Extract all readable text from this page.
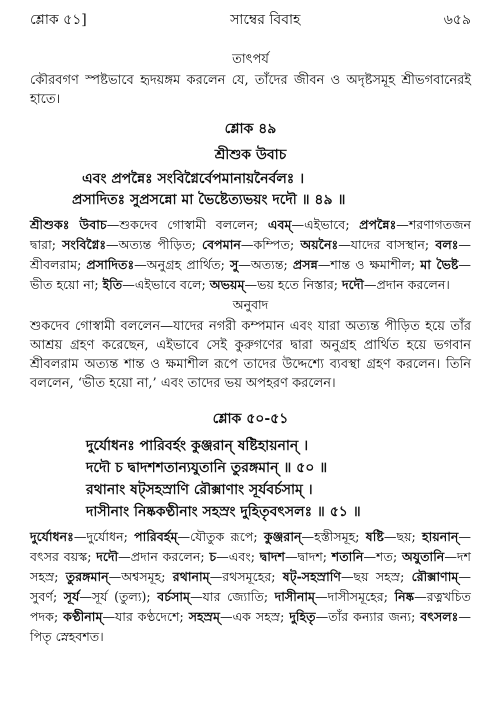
শ্লোক ৫১]	সাম্বের বিবাহ	৬৫৯
তাৎপর্য

কৌরবগণ স্পষ্টভাবে হৃদয়ঙ্গম করলেন যে, তাঁদের জীবন ও অদৃষ্টসমূহ শ্রীভগবানেরই হাতে।

শ্লোক ৪৯
শ্রীশুক উবাচ
এবং প্রপন্নৈঃ সংবিগ্নৈর্বেপমানায়নৈর্বলঃ ।
প্রসাদিতঃ সুপ্রসন্নো মা ভৈষ্টেত্যভয়ং দদৌ ॥ ৪৯ ॥

শ্রীশুকঃ উবাচ—শুকদেব গোস্বামী বললেন; এবম্—এইভাবে; প্রপন্নৈঃ—শরণাগতজন দ্বারা; সংবিগ্নৈঃ—অত্যন্ত পীড়িত; বেপমান—কম্পিত; অয়নৈঃ—যাদের বাসস্থান; বলঃ—শ্রীবলরাম; প্রসাদিতঃ—অনুগ্রহ প্রার্থিত; সু—অত্যন্ত; প্রসন্ন—শান্ত ও ক্ষমাশীল; মা ভৈষ্ট—ভীত হয়ো না; ইতি—এইভাবে বলে; অভয়ম্—ভয় হতে নিস্তার; দদৌ—প্রদান করলেন।

অনুবাদ

শুকদেব গোস্বামী বললেন—যাদের নগরী কম্পমান এবং যারা অত্যন্ত পীড়িত হয়ে তাঁর আশ্রয় গ্রহণ করেছেন, এইভাবে সেই কুরুগণের দ্বারা অনুগ্রহ প্রার্থিত হয়ে ভগবান শ্রীবলরাম অত্যন্ত শান্ত ও ক্ষমাশীল রূপে তাদের উদ্দেশ্যে ব্যবস্থা গ্রহণ করলেন। তিনি বললেন, ‘ভীত হয়ো না,’ এবং তাদের ভয় অপহরণ করলেন।

শ্লোক ৫০-৫১
দুর্যোধনঃ পারিবর্হং কুঞ্জরান্ ষষ্টিহায়নান্ ।
দদৌ চ দ্বাদশশতান্যযুতানি তুরঙ্গমান্ ॥ ৫০ ॥
রথানাং ষট্‌সহস্রাণি রৌক্সাণাং সূর্যবর্চসাম্ ।
দাসীনাং নিষ্ককণ্ঠীনাং সহস্রং দুহিতৃবৎসলঃ ॥ ৫১ ॥

দুর্যোধনঃ—দুর্যোধন; পারিবর্হম্—যৌতুক রূপে; কুঞ্জরান্—হস্তীসমূহ; ষষ্টি—ছয়; হায়নান্—বৎসর বয়স্ক; দদৌ—প্রদান করলেন; চ—এবং; দ্বাদশ—দ্বাদশ; শতানি—শত; অযুতানি—দশ সহস্র; তুরঙ্গমান্—অশ্বসমূহ; রথানাম্—রথসমূহের; ষট্‌-সহস্রাণি—ছয় সহস্র; রৌক্সাণাম্—সুবর্ণ; সূর্য—সূর্য (তুল্য); বর্চসাম্—যার জ্যোতি; দাসীনাম্—দাসীসমূহের; নিষ্ক—রত্নখচিত পদক; কণ্ঠীনাম্—যার কণ্ঠদেশে; সহস্রম্—এক সহস্র; দুহিতৃ—তাঁর কন্যার জন্য; বৎসলঃ—পিতৃ স্নেহবশত।
